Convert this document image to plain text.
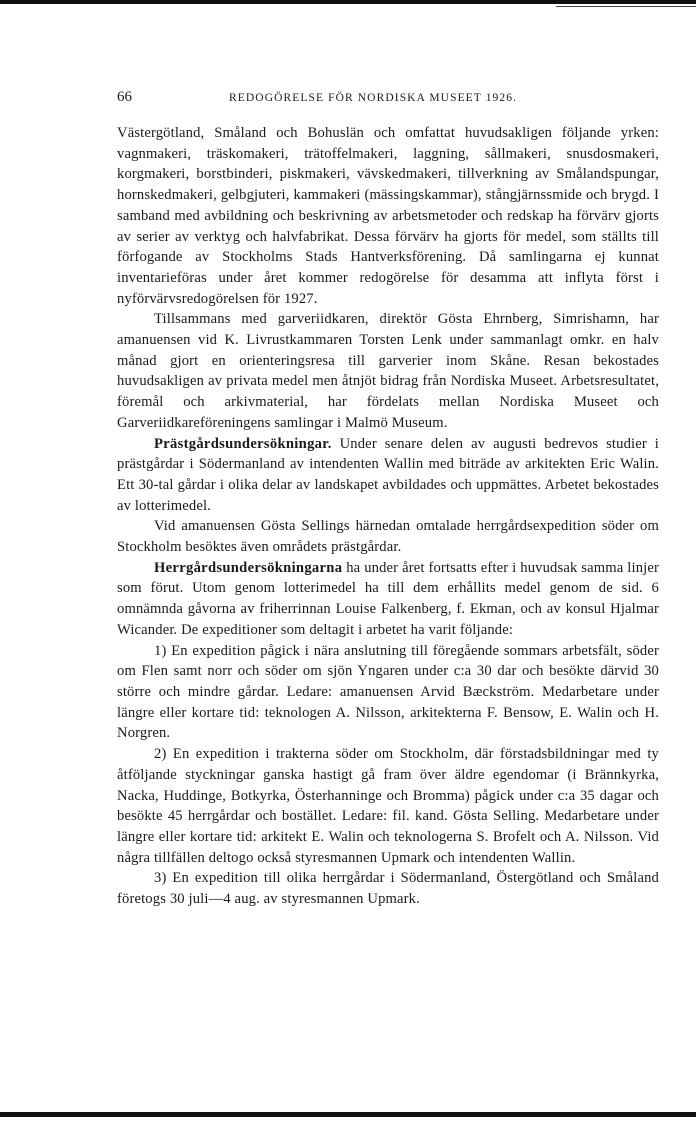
66	REDOGÖRELSE FÖR NORDISKA MUSEET 1926.

Västergötland, Småland och Bohuslän och omfattat huvudsakligen följande yrken: vagnmakeri, träskomakeri, trätoffelmakeri, laggning, sållmakeri, snusdosmakeri, korgmakeri, borstbinderi, piskmakeri, vävskedmakeri, tillverkning av Smålandspungar, hornskedmakeri, gelbgjuteri, kammakeri (mässingskammar), stångjärnssmide och brygd. I samband med avbildning och beskrivning av arbetsmetoder och redskap ha förvärv gjorts av serier av verktyg och halvfabrikat. Dessa förvärv ha gjorts för medel, som ställts till förfogande av Stockholms Stads Hantverksförening. Då samlingarna ej kunnat inventarieföras under året kommer redogörelse för desamma att inflyta först i nyförvärvsredogörelsen för 1927.

Tillsammans med garveriidkaren, direktör Gösta Ehrnberg, Simrishamn, har amanuensen vid K. Livrustkammaren Torsten Lenk under sammanlagt omkr. en halv månad gjort en orienteringsresa till garverier inom Skåne. Resan bekostades huvudsakligen av privata medel men åtnjöt bidrag från Nordiska Museet. Arbetsresultatet, föremål och arkivmaterial, har fördelats mellan Nordiska Museet och Garveriidkareföreningens samlingar i Malmö Museum.

Prästgårdsundersökningar. Under senare delen av augusti bedrevos studier i prästgårdar i Södermanland av intendenten Wallin med biträde av arkitekten Eric Walin. Ett 30-tal gårdar i olika delar av landskapet avbildades och uppmättes. Arbetet bekostades av lotterimedel.

Vid amanuensen Gösta Sellings härnedan omtalade herrgårdsexpedition söder om Stockholm besöktes även områdets prästgårdar.

Herrgårdsundersökningarna ha under året fortsatts efter i huvudsak samma linjer som förut. Utom genom lotterimedel ha till dem erhållits medel genom de sid. 6 omnämnda gåvorna av friherrinnan Louise Falkenberg, f. Ekman, och av konsul Hjalmar Wicander. De expeditioner som deltagit i arbetet ha varit följande:

1) En expedition pågick i nära anslutning till föregående sommars arbetsfält, söder om Flen samt norr och söder om sjön Yngaren under c:a 30 dar och besökte därvid 30 större och mindre gårdar. Ledare: amanuensen Arvid Bæckström. Medarbetare under längre eller kortare tid: teknologen A. Nilsson, arkitekterna F. Bensow, E. Walin och H. Norgren.

2) En expedition i trakterna söder om Stockholm, där förstadsbildningar med ty åtföljande styckningar ganska hastigt gå fram över äldre egendomar (i Brännkyrka, Nacka, Huddinge, Botkyrka, Österhanninge och Bromma) pågick under c:a 35 dagar och besökte 45 herrgårdar och bostället. Ledare: fil. kand. Gösta Selling. Medarbetare under längre eller kortare tid: arkitekt E. Walin och teknologerna S. Brofelt och A. Nilsson. Vid några tillfällen deltogo också styresmannen Upmark och intendenten Wallin.

3) En expedition till olika herrgårdar i Södermanland, Östergötland och Småland företogs 30 juli—4 aug. av styresmannen Upmark.
